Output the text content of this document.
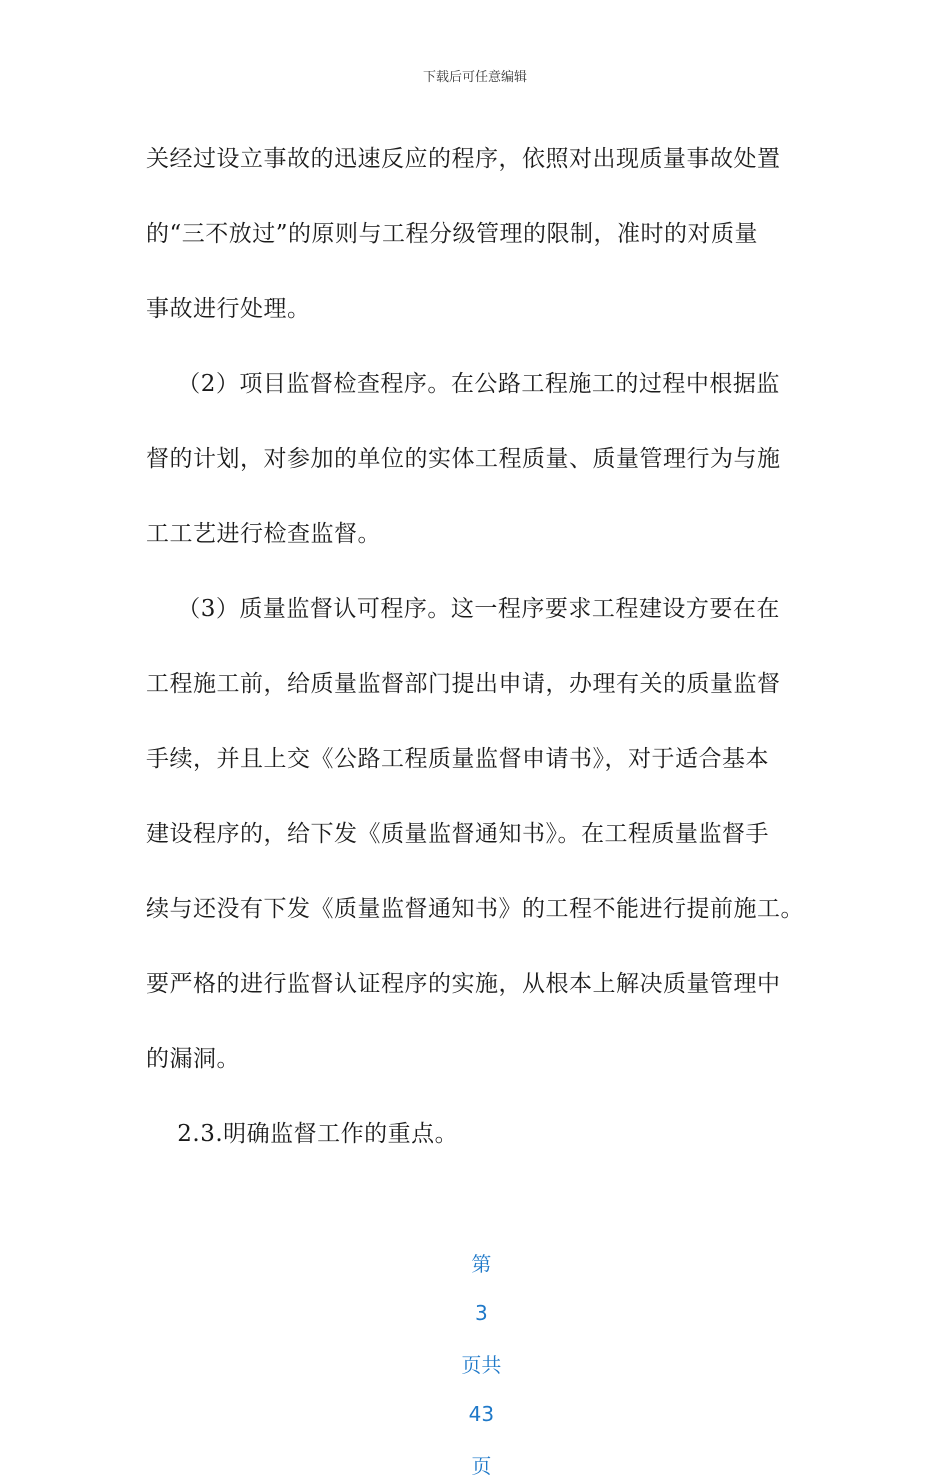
下载后可任意编辑

关经过设立事故的迅速反应的程序，依照对出现质量事故处置
的“三不放过”的原则与工程分级管理的限制，准时的对质量
事故进行处理。

（2）项目监督检查程序。在公路工程施工的过程中根据监
督的计划，对参加的单位的实体工程质量、质量管理行为与施
工工艺进行检查监督。

（3）质量监督认可程序。这一程序要求工程建设方要在在
工程施工前，给质量监督部门提出申请，办理有关的质量监督
手续，并且上交《公路工程质量监督申请书》，对于适合基本
建设程序的，给下发《质量监督通知书》。在工程质量监督手
续与还没有下发《质量监督通知书》的工程不能进行提前施工。
要严格的进行监督认证程序的实施，从根本上解决质量管理中
的漏洞。

2.3.明确监督工作的重点。

第

3

页共

43

页
